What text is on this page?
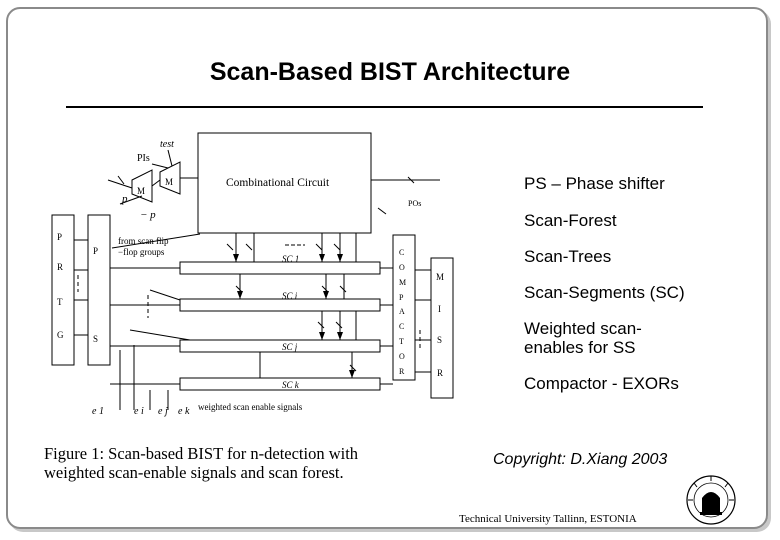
Scan-Based BIST Architecture
test
PIs
M
M
p
− p
Combinational Circuit
POs
from scan flip
−flop groups
P
R
T
G
P
S
C
O
M
P
A
C
T
O
R
M
I
S
R
SC 1
SC i
SC j
SC k
e 1	e i e j e k weighted scan enable signals

PS – Phase shifter

Scan-Forest

Scan-Trees

Scan-Segments (SC)

Weighted scan-enables for SS

Compactor - EXORs

Figure 1: Scan-based BIST for n-detection with
weighted scan-enable signals and scan forest.
Copyright: D.Xiang 2003
Technical University Tallinn, ESTONIA
